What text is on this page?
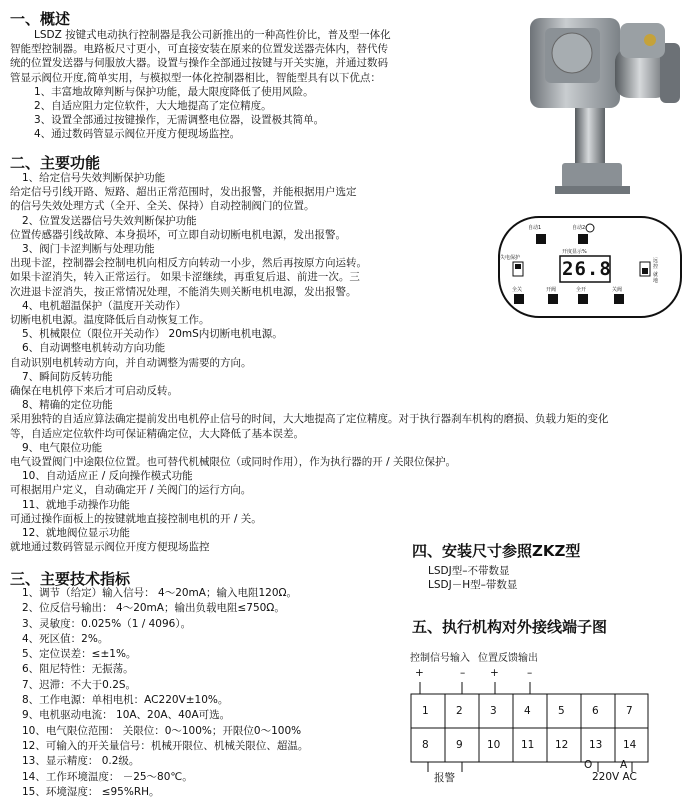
一、概述
LSDZ 按键式电动执行控制器是我公司新推出的一种高性价比，普及型一体化
智能型控制器。电路板尺寸更小，可直接安装在原来的位置发送器壳体内，替代传
统的位置发送器与伺服放大器。设置与操作全部通过按键与开关实施，并通过数码
管显示阀位开度,简单实用，与模拟型一体化控制器相比，智能型具有以下优点：
1、丰富地故障判断与保护功能，最大限度降低了使用风险。
2、自适应阻力定位软件，大大地提高了定位精度。
3、设置全部通过按键操作，无需调整电位器，设置极其简单。
4、通过数码管显示阀位开度方便现场监控。
自动1	自动2
开度显示%
26.8
失电保护	远控
就地
全关	开阀	全开	关阀
二、主要功能
1、给定信号失效判断保护功能
给定信号引线开路、短路、超出正常范围时，发出报警，并能根据用户选定
的信号失效处理方式（全开、全关、保持）自动控制阀门的位置。
2、位置发送器信号失效判断保护功能
位置传感器引线故障、本身损坏，可立即自动切断电机电源，发出报警。
3、阀门卡涩判断与处理功能
出现卡涩，控制器会控制电机向相反方向转动一小步，然后再按原方向运转。
如果卡涩消失，转入正常运行。 如果卡涩继续，再重复后退、前进一次。三
次进退卡涩消失，按正常情况处理，不能消失则关断电机电源，发出报警。
4、电机超温保护（温度开关动作）
切断电机电源。温度降低后自动恢复工作。
5、机械限位（限位开关动作） 20mS内切断电机电源。
6、自动调整电机转动方向功能
自动识别电机转动方向，并自动调整为需要的方向。
7、瞬间防反转功能
确保在电机停下来后才可启动反转。
8、精确的定位功能
采用独特的自适应算法确定提前发出电机停止信号的时间，大大地提高了定位精度。对于执行器刹车机构的磨损、负载力矩的变化
等，自适应定位软件均可保证精确定位，大大降低了基本误差。
9、电气限位功能
电气设置阀门中途限位位置。也可替代机械限位（或同时作用），作为执行器的开 / 关限位保护。
10、自动适应正 / 反向操作模式功能
可根据用户定义，自动确定开 / 关阀门的运行方向。
11、就地手动操作功能
可通过操作面板上的按键就地直接控制电机的开 / 关。
12、就地阀位显示功能
就地通过数码管显示阀位开度方便现场监控
三、主要技术指标
1、调节（给定）输入信号： 4～20mA；输入电阻120Ω。
2、位反信号输出： 4～20mA；输出负载电阻≤750Ω。
3、灵敏度：0.025%（1 / 4096）。
4、死区值：2%。
5、定位误差：≤±1%。
6、阻尼特性：无振荡。
7、迟滞：不大于0.2S。
8、工作电源：单相电机：AC220V±10%。
9、电机驱动电流： 10A、20A、40A可选。
10、电气限位范围： 关限位：0～100%；开限位0～100%
12、可输入的开关量信号：机械开限位、机械关限位、超温。
13、显示精度： 0.2级。
14、工作环境温度： －25～80℃。
15、环境湿度： ≤95%RH。
四、安装尺寸参照ZKZ型
LSDJ型–不带数显
LSDJ－H型–带数显
五、执行机构对外接线端子图
控制信号输入 位置反馈输出
+	– +	–
1	2	3	4	5	6	7
8	9 10 11 12 13 14
报警
O	A
220V AC
